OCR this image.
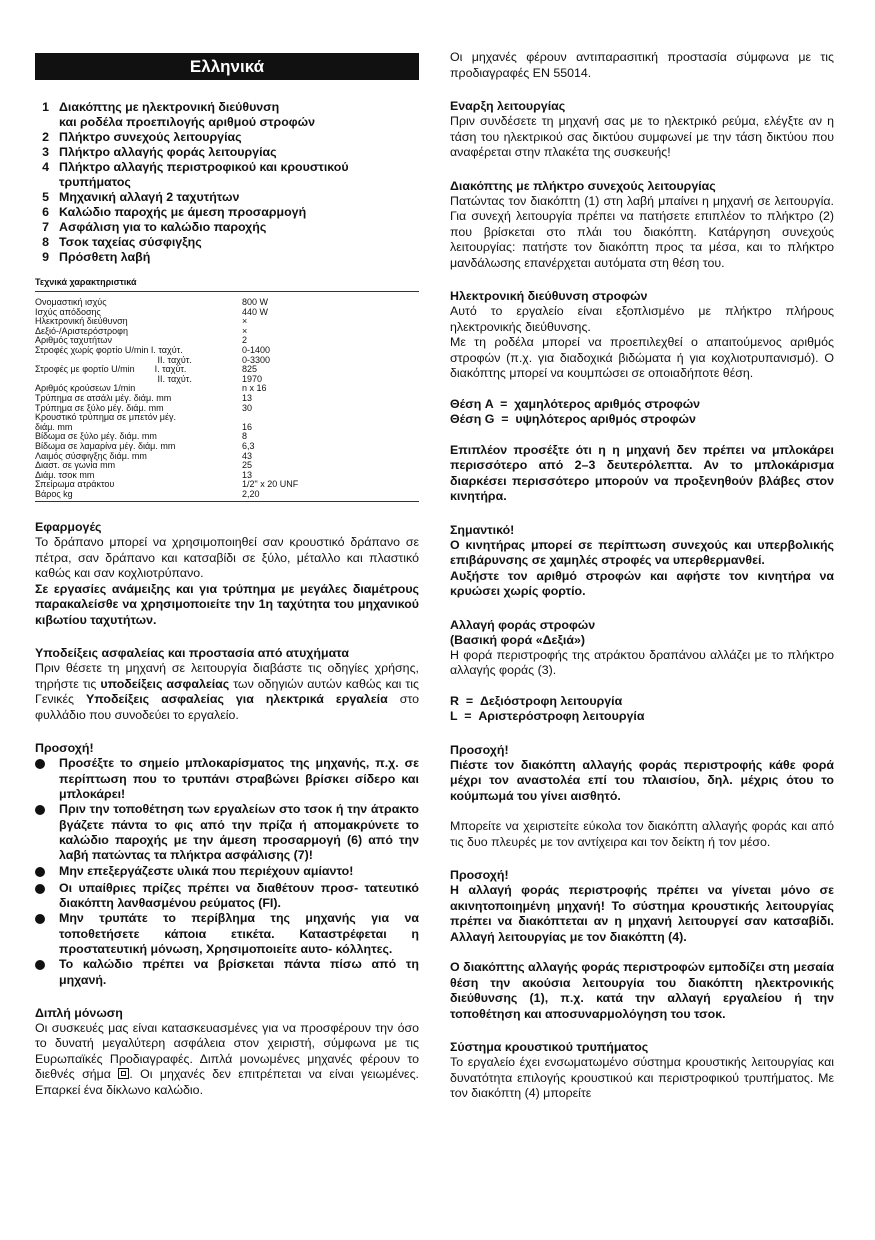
Ελληνικά
1 Διακόπτης με ηλεκτρονική διεύθυνση
και ροδέλα προεπιλογής αριθμού στροφών
2 Πλήκτρο συνεχούς λειτουργίας
3 Πλήκτρο αλλαγής φοράς λειτουργίας
4 Πλήκτρο αλλαγής περιστροφικού και κρουστικού
τρυπήματος
5 Μηχανική αλλαγή 2 ταχυτήτων
6 Καλώδιο παροχής με άμεση προσαρμογή
7 Ασφάλιση για το καλώδιο παροχής
8 Τσοκ ταχείας σύσφιγξης
9 Πρόσθετη λαβή
Τεχνικά χαρακτηριστικά
Ονομαστική ισχύς	800 W
Ισχύς απόδοσης	440 W
Ηλεκτρονική διεύθυνση	×
Δεξιό-/Αριστερόστροφη	×
Αριθμός ταχυτήτων	2
Στροφές χωρίς φορτίο U/min I. ταχύτ.	0-1400
II. ταχύτ.	0-3300
Στροφές με φορτίο U/min        I. ταχύτ.	825
II. ταχύτ.	1970
Αριθμός κρούσεων 1/min	n x 16
Τρύπημα σε ατσάλι μέγ. διάμ. mm	13
Τρύπημα σε ξύλο μέγ. διάμ. mm	30
Κρουστικό τρύπημα σε μπετόν μέγ.
διάμ. mm	16
Βίδωμα σε ξύλο μέγ. διάμ. mm	8
Βίδωμα σε λαμαρίνα μέγ. διάμ. mm	6,3
Λαιμός σύσφιγξης διάμ. mm	43
Διαστ. σε γωνία mm	25
Διάμ. τσοκ mm	13
Σπείρωμα ατράκτου	1/2" x 20 UNF
Βάρος kg	2,20
Εφαρμογές

Το δράπανο μπορεί να χρησιμοποιηθεί σαν κρουστικό δράπανο σε πέτρα, σαν δράπανο και κατσαβίδι σε ξύλο, μέταλλο και πλαστικό καθώς και σαν κοχλιοτρύπανο.

Σε εργασίες ανάμειξης και για τρύπημα με μεγάλες διαμέτρους παρακαλείσθε να χρησιμοποιείτε την 1η ταχύτητα του μηχανικού κιβωτίου ταχυτήτων.

Υποδείξεις ασφαλείας και προστασία από ατυχήματα

Πριν θέσετε τη μηχανή σε λειτουργία διαβάστε τις οδηγίες χρήσης, τηρήστε τις υποδείξεις ασφαλείας των οδηγιών αυτών καθώς και τις Γενικές Υποδείξεις ασφαλείας για ηλεκτρικά εργαλεία στο φυλλάδιο που συνοδεύει το εργαλείο.

Προσοχή!
Προσέξτε το σημείο μπλοκαρίσματος της μηχανής, π.χ. σε περίπτωση που το τρυπάνι στραβώνει βρίσκει σίδερο και μπλοκάρει!
Πριν την τοποθέτηση των εργαλείων στο τσοκ ή την άτρακτο βγάζετε πάντα το φις από την πρίζα ή απομακρύνετε το καλώδιο παροχής με την άμεση προσαρμογή (6) από την λαβή πατώντας τα πλήκτρα ασφάλισης (7)!
Μην επεξεργάζεστε υλικά που περιέχουν αμίαντο!
Οι υπαίθριες πρίζες πρέπει να διαθέτουν προσ- τατευτικό διακόπτη λανθασμένου ρεύματος (FI).
Μην τρυπάτε το περίβλημα της μηχανής για να τοποθετήσετε κάποια ετικέτα. Καταστρέφεται η προστατευτική μόνωση, Χρησιμοποιείτε αυτο- κόλλητες.
Το καλώδιο πρέπει να βρίσκεται πάντα πίσω από τη μηχανή.
Διπλή μόνωση

Οι συσκευές μας είναι κατασκευασμένες για να προσφέρουν την όσο το δυνατή μεγαλύτερη ασφάλεια στον χειριστή, σύμφωνα με τις Ευρωπαϊκές Προδιαγραφές. Διπλά μονωμένες μηχανές φέρουν το διεθνές σήμα . Οι μηχανές δεν επιτρέπεται να είναι γειωμένες. Επαρκεί ένα δίκλωνο καλώδιο.

Οι μηχανές φέρουν αντιπαρασιτική προστασία σύμφωνα με τις προδιαγραφές EN 55014.

Εναρξη λειτουργίας

Πριν συνδέσετε τη μηχανή σας με το ηλεκτρικό ρεύμα, ελέγξτε αν η τάση του ηλεκτρικού σας δικτύου συμφωνεί με την τάση δικτύου που αναφέρεται στην πλακέτα της συσκευής!

Διακόπτης με πλήκτρο συνεχούς λειτουργίας

Πατώντας τον διακόπτη (1) στη λαβή μπαίνει η μηχανή σε λειτουργία. Για συνεχή λειτουργία πρέπει να πατήσετε επιπλέον το πλήκτρο (2) που βρίσκεται στο πλάι του διακόπτη. Κατάργηση συνεχούς λειτουργίας: πατήστε τον διακόπτη προς τα μέσα, και το πλήκτρο μανδάλωσης επανέρχεται αυτόματα στη θέση του.

Ηλεκτρονική διεύθυνση στροφών

Αυτό το εργαλείο είναι εξοπλισμένο με πλήκτρο πλήρους ηλεκτρονικής διεύθυνσης.

Με τη ροδέλα μπορεί να προεπιλεχθεί ο απαιτούμενος αριθμός στροφών (π.χ. για διαδοχικά βιδώματα ή για κοχλιοτρυπανισμό). Ο διακόπτης μπορεί να κουμπώσει σε οποιαδήποτε θέση.

Θέση A  =  χαμηλότερος αριθμός στροφών

Θέση G  =  υψηλότερος αριθμός στροφών

Επιπλέον προσέξτε ότι η η μηχανή δεν πρέπει να μπλοκάρει περισσότερο από 2–3 δευτερόλεπτα. Αν το μπλοκάρισμα διαρκέσει περισσότερο μπορούν να προξενηθούν βλάβες στον κινητήρα.

Σημαντικό!

Ο κινητήρας μπορεί σε περίπτωση συνεχούς και υπερβολικής επιβάρυνσης σε χαμηλές στροφές να υπερθερμανθεί.

Αυξήστε τον αριθμό στροφών και αφήστε τον κινητήρα να κρυώσει χωρίς φορτίο.

Αλλαγή φοράς στροφών
(Βασική φορά «Δεξιά»)

Η φορά περιστροφής της ατράκτου δραπάνου αλλάζει με το πλήκτρο αλλαγής φοράς (3).

R  =  Δεξιόστροφη λειτουργία

L  =  Αριστερόστροφη λειτουργία

Προσοχή!

Πιέστε τον διακόπτη αλλαγής φοράς περιστροφής κάθε φορά μέχρι τον αναστολέα επί του πλαισίου, δηλ. μέχρις ότου το κούμπωμά του γίνει αισθητό.

Μπορείτε να χειριστείτε εύκολα τον διακόπτη αλλαγής φοράς και από τις δυο πλευρές με τον αντίχειρα και τον δείκτη ή τον μέσο.

Προσοχή!

Η αλλαγή φοράς περιστροφής πρέπει να γίνεται μόνο σε ακινητοποιημένη μηχανή! Το σύστημα κρουστικής λειτουργίας πρέπει να διακόπτεται αν η μηχανή λειτουργεί σαν κατσαβίδι. Αλλαγή λειτουργίας με τον διακόπτη (4).

Ο διακόπτης αλλαγής φοράς περιστροφών εμποδίζει στη μεσαία θέση την ακούσια λειτουργία του διακόπτη ηλεκτρονικής διεύθυνσης (1), π.χ. κατά την αλλαγή εργαλείου ή την τοποθέτηση και αποσυναρμολόγηση του τσοκ.

Σύστημα κρουστικού τρυπήματος

Το εργαλείο έχει ενσωματωμένο σύστημα κρουστικής λειτουργίας και δυνατότητα επιλογής κρουστικού και περιστροφικού τρυπήματος. Με τον διακόπτη (4) μπορείτε
